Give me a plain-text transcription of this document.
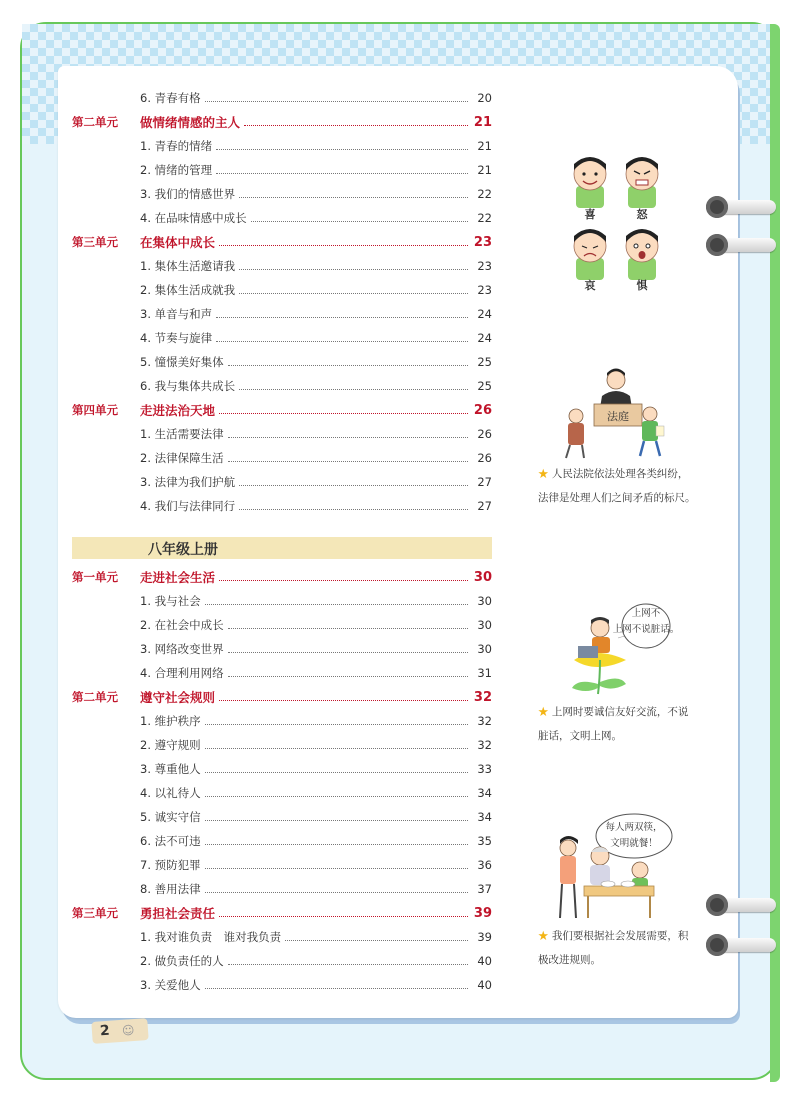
6. 青春有格	20
第二单元	做情绪情感的主人	21
1. 青春的情绪	21
2. 情绪的管理	21
3. 我们的情感世界	22
4. 在品味情感中成长	22
第三单元	在集体中成长	23
1. 集体生活邀请我	23
2. 集体生活成就我	23
3. 单音与和声	24
4. 节奏与旋律	24
5. 憧憬美好集体	25
6. 我与集体共成长	25
第四单元	走进法治天地	26
1. 生活需要法律	26
2. 法律保障生活	26
3. 法律为我们护航	27
4. 我们与法律同行	27
八年级上册
第一单元	走进社会生活	30
1. 我与社会	30
2. 在社会中成长	30
3. 网络改变世界	30
4. 合理利用网络	31
第二单元	遵守社会规则	32
1. 维护秩序	32
2. 遵守规则	32
3. 尊重他人	33
4. 以礼待人	34
5. 诚实守信	34
6. 法不可违	35
7. 预防犯罪	36
8. 善用法律	37
第三单元	勇担社会责任	39
1. 我对谁负责　谁对我负责	39
2. 做负责任的人	40
3. 关爱他人	40
喜	怒
哀	惧
法庭
★ 人民法院依法处理各类纠纷，法律是处理人们之间矛盾的标尺。
上网不
上网不说脏话。
★ 上网时要诚信友好交流，不说脏话，文明上网。
每人两双筷，
文明就餐！
★ 我们要根据社会发展需要，积极改进规则。
2 ☺
